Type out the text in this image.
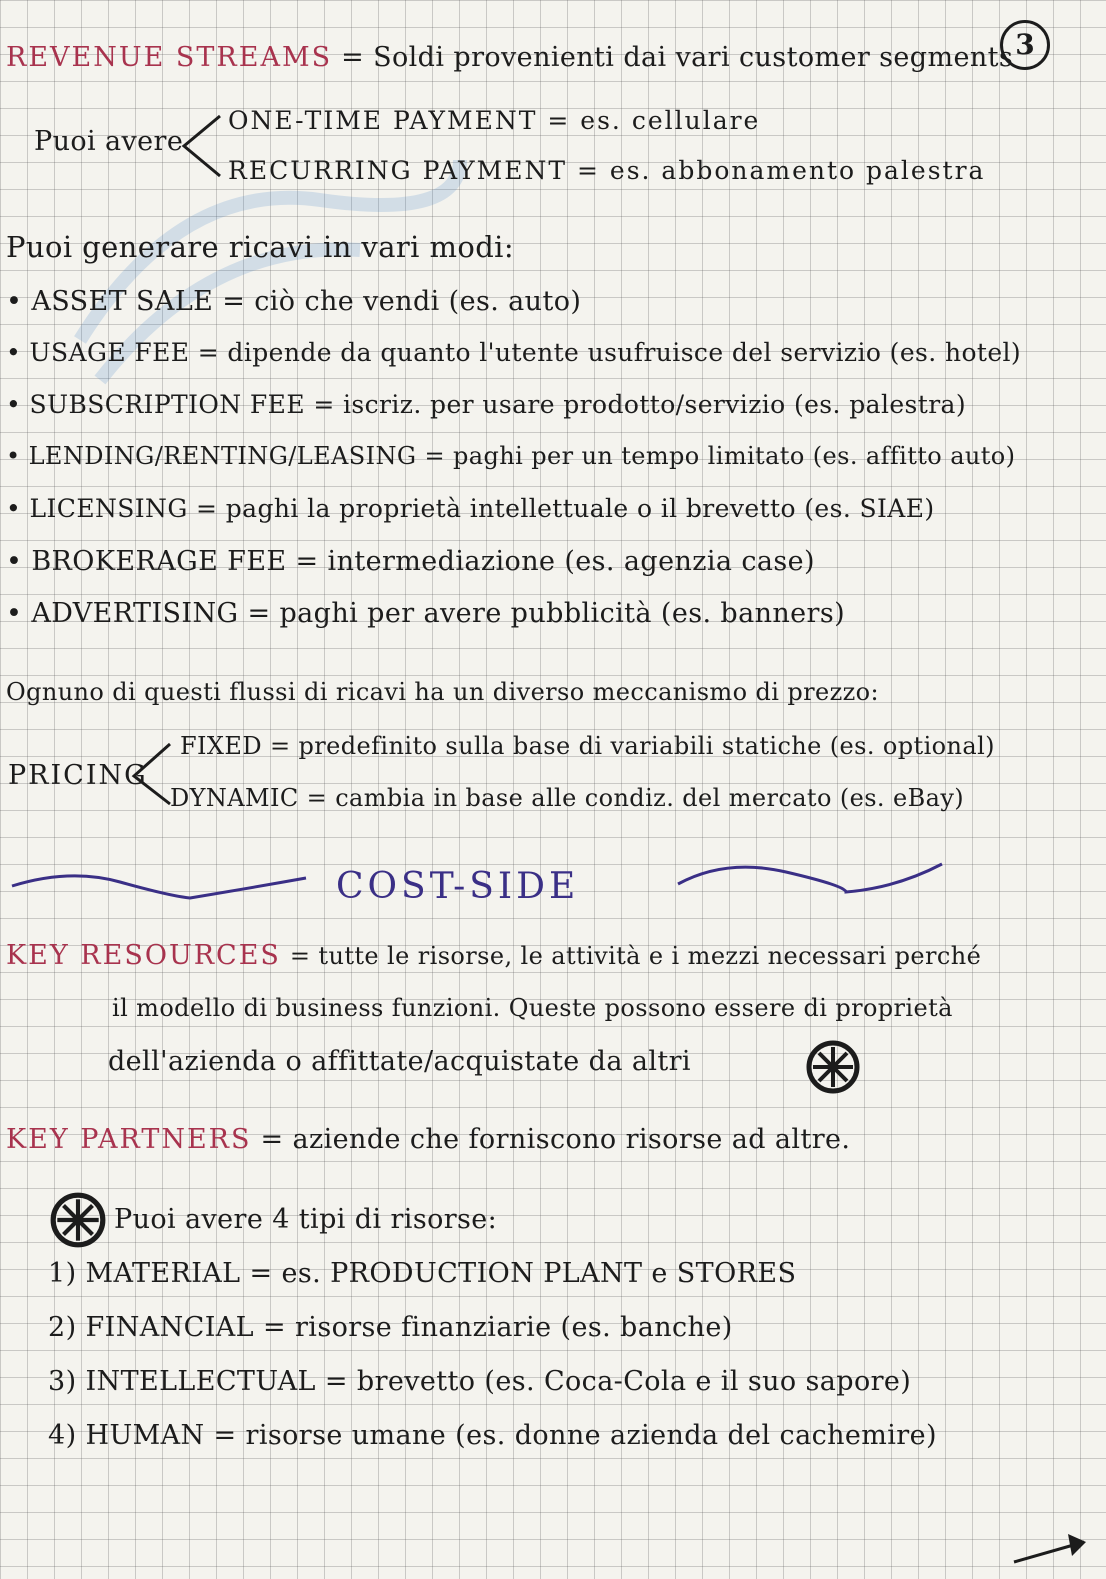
3
REVENUE STREAMS = Soldi provenienti dai vari customer segments
Puoi avere
ONE-TIME PAYMENT = es. cellulare
RECURRING PAYMENT = es. abbonamento palestra
Puoi generare ricavi in vari modi:
• ASSET SALE = ciò che vendi (es. auto)
• USAGE FEE = dipende da quanto l'utente usufruisce del servizio (es. hotel)
• SUBSCRIPTION FEE = iscriz. per usare prodotto/servizio (es. palestra)
• LENDING/RENTING/LEASING = paghi per un tempo limitato (es. affitto auto)
• LICENSING = paghi la proprietà intellettuale o il brevetto (es. SIAE)
• BROKERAGE FEE = intermediazione (es. agenzia case)
• ADVERTISING = paghi per avere pubblicità (es. banners)
Ognuno di questi flussi di ricavi ha un diverso meccanismo di prezzo:
PRICING
FIXED = predefinito sulla base di variabili statiche (es. optional)
DYNAMIC = cambia in base alle condiz. del mercato (es. eBay)
COST-SIDE
KEY RESOURCES = tutte le risorse, le attività e i mezzi necessari perché
il modello di business funzioni. Queste possono essere di proprietà
dell'azienda o affittate/acquistate da altri
KEY PARTNERS = aziende che forniscono risorse ad altre.
Puoi avere 4 tipi di risorse:
1) MATERIAL = es. PRODUCTION PLANT e STORES
2) FINANCIAL = risorse finanziarie (es. banche)
3) INTELLECTUAL = brevetto (es. Coca-Cola e il suo sapore)
4) HUMAN = risorse umane (es. donne azienda del cachemire)
